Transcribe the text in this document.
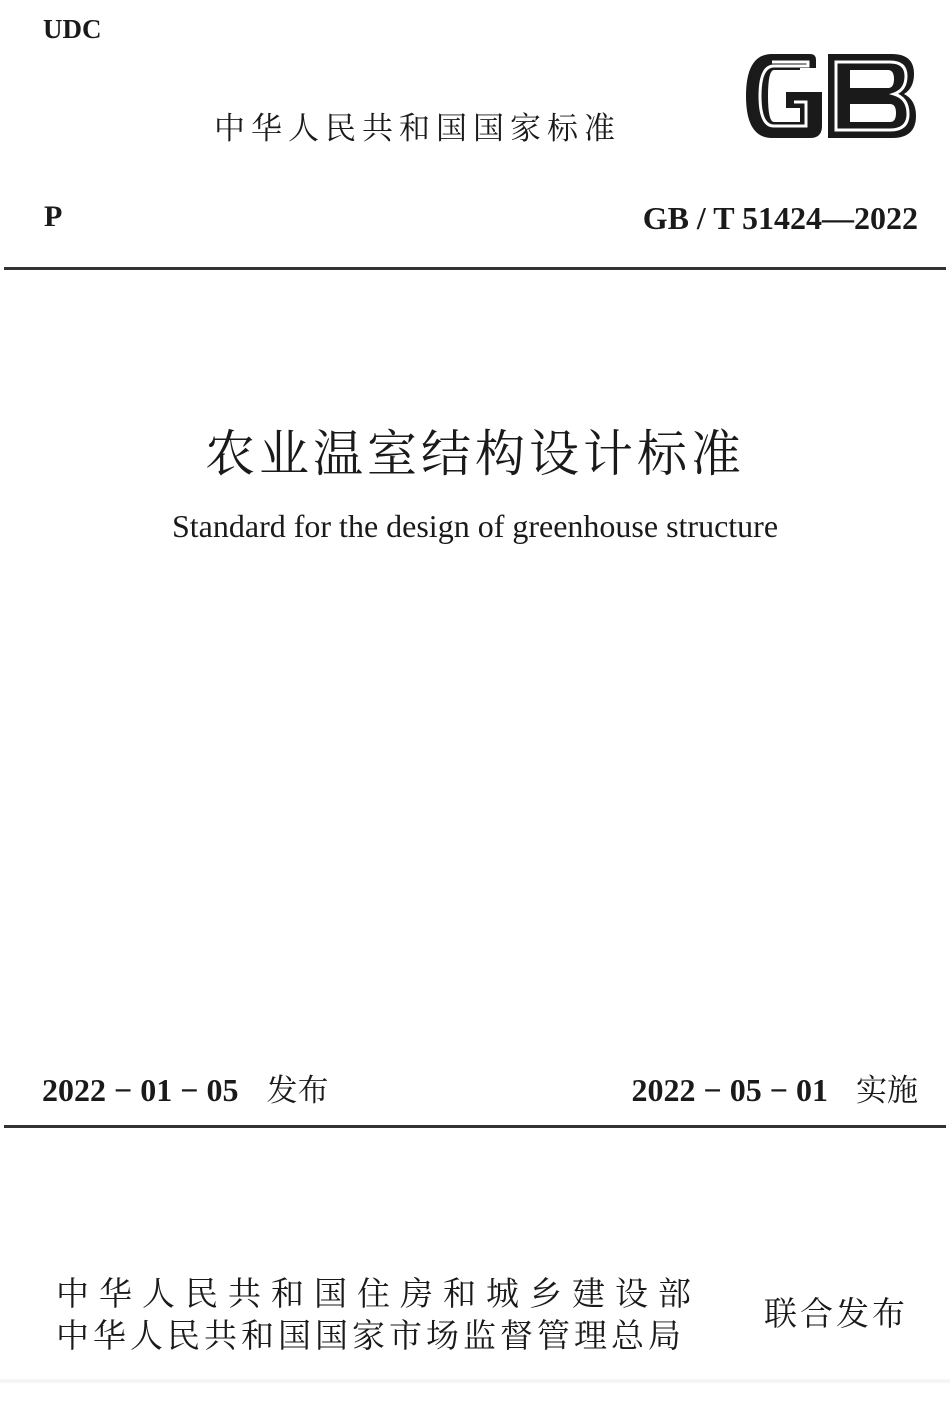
UDC
中华人民共和国国家标准
P	GB / T 51424—2022
农业温室结构设计标准
Standard for the design of greenhouse structure
2022 − 01 − 05 发布	2022 − 05 − 01 实施
中华人民共和国住房和城乡建设部
中华人民共和国国家市场监督管理总局
联合发布
